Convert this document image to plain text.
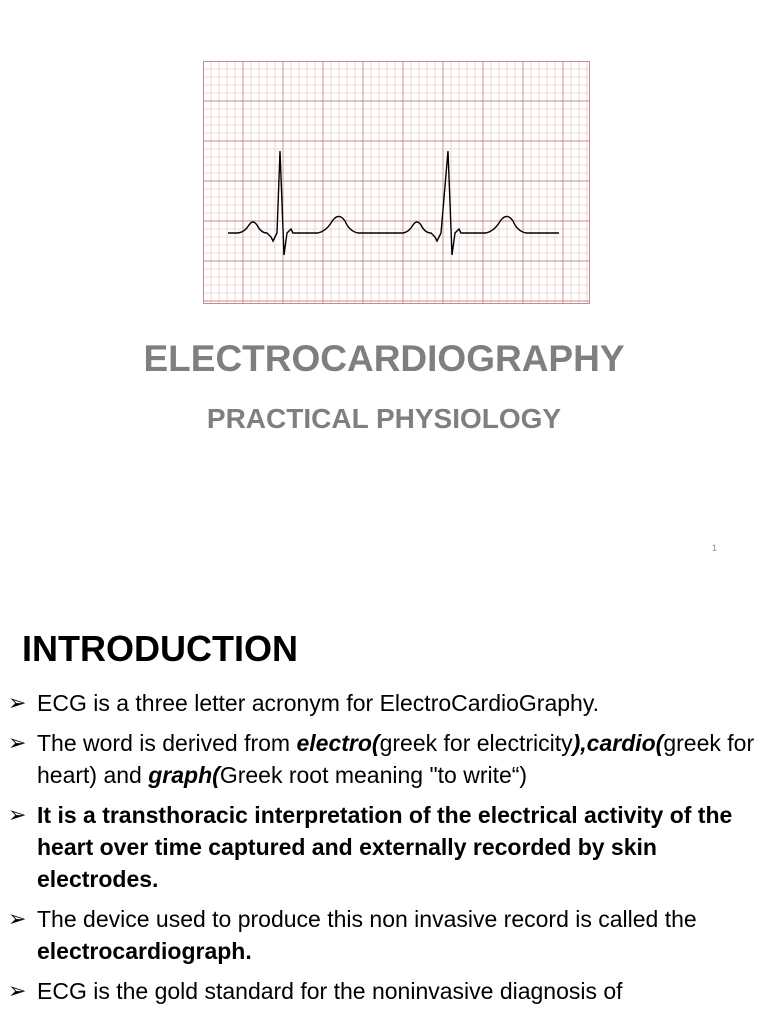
ELECTROCARDIOGRAPHY
PRACTICAL PHYSIOLOGY
1
INTRODUCTION
➢ ECG is a three letter acronym for ElectroCardioGraphy.
➢ The word is derived from electro(greek for electricity),cardio(greek for heart) and graph(Greek root meaning "to write“)
➢ It is a transthoracic interpretation of the electrical activity of the heart over time captured and externally recorded by skin electrodes.
➢ The device used to produce this non invasive record is called the electrocardiograph.
➢ ECG is the gold standard for the noninvasive diagnosis of
